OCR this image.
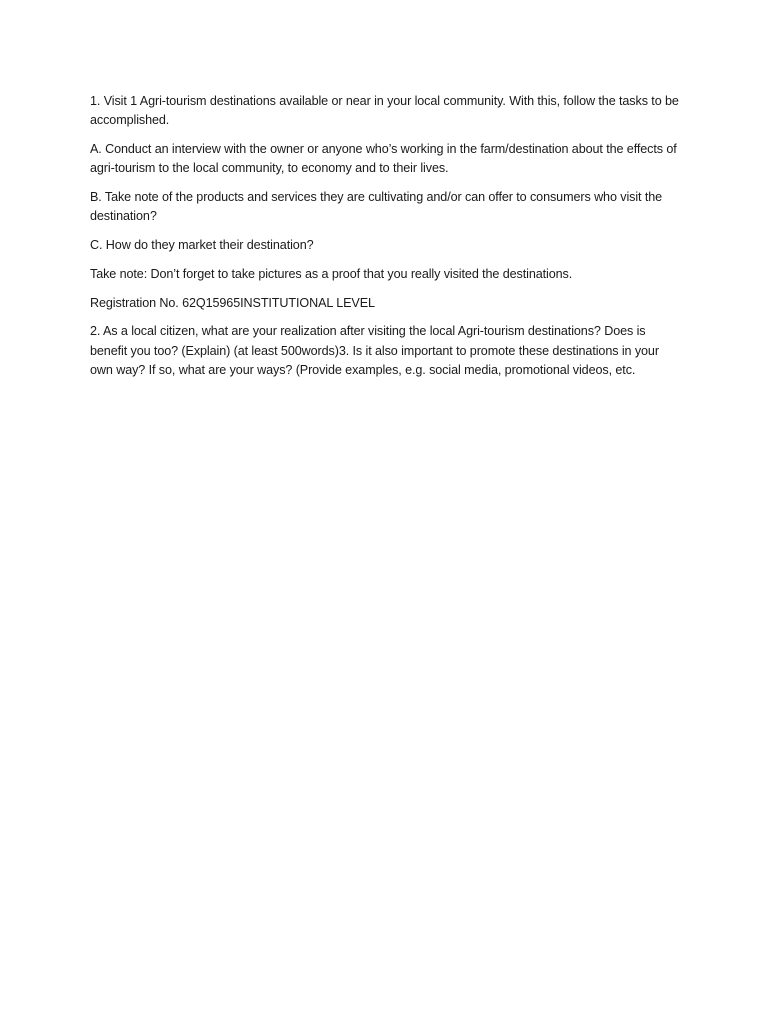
1. Visit 1 Agri-tourism destinations available or near in your local community. With this, follow the tasks to be accomplished.

A. Conduct an interview with the owner or anyone who’s working in the farm/destination about the effects of agri-tourism to the local community, to economy and to their lives.

B. Take note of the products and services they are cultivating and/or can offer to consumers who visit the destination?

C. How do they market their destination?

Take note: Don’t forget to take pictures as a proof that you really visited the destinations.

Registration No. 62Q15965INSTITUTIONAL LEVEL

2. As a local citizen, what are your realization after visiting the local Agri-tourism destinations? Does is benefit you too? (Explain) (at least 500words)3. Is it also important to promote these destinations in your own way? If so, what are your ways? (Provide examples, e.g. social media, promotional videos, etc.
